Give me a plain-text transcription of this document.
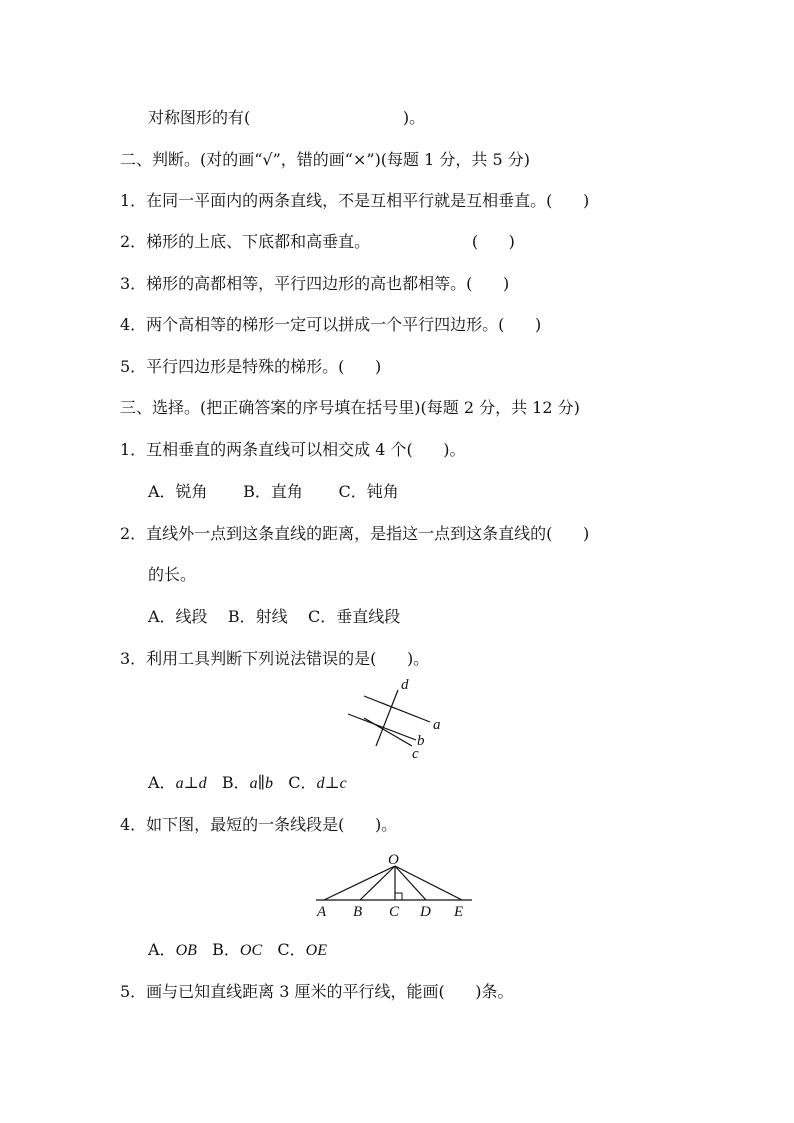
对称图形的有(                              )。
二、判断。(对的画“√”，错的画“×”)(每题 1 分，共 5 分)
1．在同一平面内的两条直线，不是互相平行就是互相垂直。(      )
2．梯形的上底、下底都和高垂直。                    (      )
3．梯形的高都相等，平行四边形的高也都相等。(      )
4．两个高相等的梯形一定可以拼成一个平行四边形。(      )
5．平行四边形是特殊的梯形。(      )
三、选择。(把正确答案的序号填在括号里)(每题 2 分，共 12 分)
1．互相垂直的两条直线可以相交成 4 个(      )。
A．锐角       B．直角       C．钝角
2．直线外一点到这条直线的距离，是指这一点到这条直线的(      )
的长。
A．线段    B．射线    C．垂直线段
3．利用工具判断下列说法错误的是(      )。
d
a
b
c
A．a⊥d   B．a∥b   C．d⊥c
4．如下图，最短的一条线段是(      )。
O
A B C D E
A．OB   B．OC   C．OE
5．画与已知直线距离 3 厘米的平行线，能画(      )条。
